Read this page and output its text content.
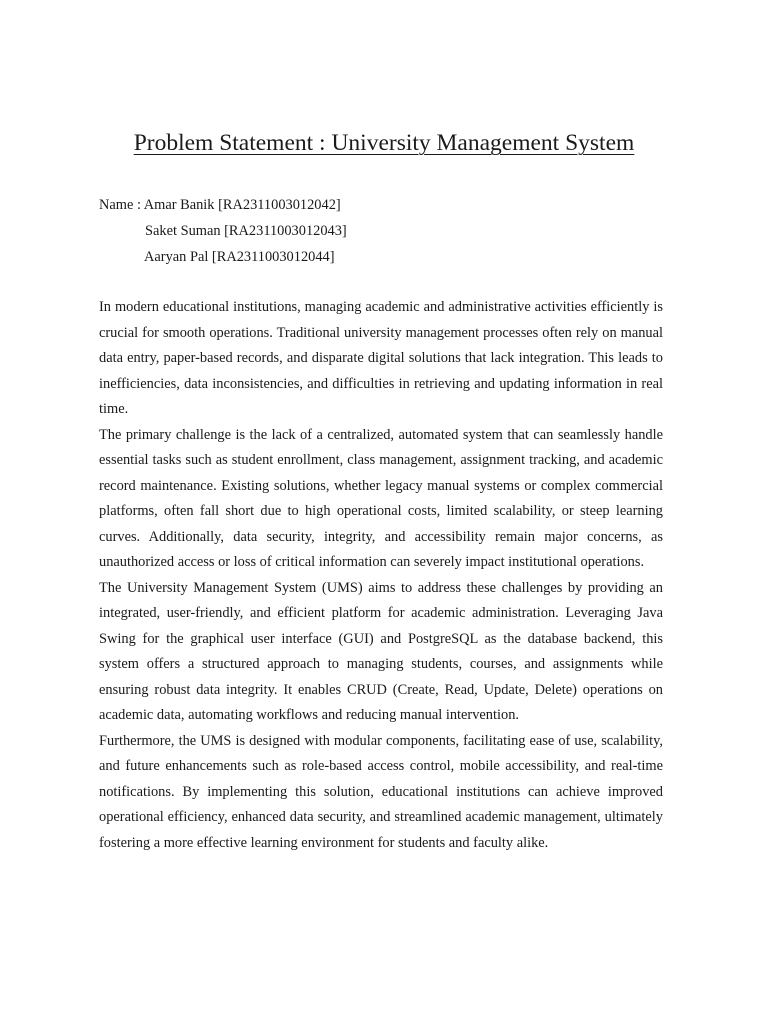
Problem Statement : University Management System
Name : Amar Banik [RA2311003012042]
Saket Suman [RA2311003012043]
Aaryan Pal [RA2311003012044]

In modern educational institutions, managing academic and administrative activities efficiently is crucial for smooth operations. Traditional university management processes often rely on manual data entry, paper-based records, and disparate digital solutions that lack integration. This leads to inefficiencies, data inconsistencies, and difficulties in retrieving and updating information in real time.

The primary challenge is the lack of a centralized, automated system that can seamlessly handle essential tasks such as student enrollment, class management, assignment tracking, and academic record maintenance. Existing solutions, whether legacy manual systems or complex commercial platforms, often fall short due to high operational costs, limited scalability, or steep learning curves. Additionally, data security, integrity, and accessibility remain major concerns, as unauthorized access or loss of critical information can severely impact institutional operations.

The University Management System (UMS) aims to address these challenges by providing an integrated, user-friendly, and efficient platform for academic administration. Leveraging Java Swing for the graphical user interface (GUI) and PostgreSQL as the database backend, this system offers a structured approach to managing students, courses, and assignments while ensuring robust data integrity. It enables CRUD (Create, Read, Update, Delete) operations on academic data, automating workflows and reducing manual intervention.

Furthermore, the UMS is designed with modular components, facilitating ease of use, scalability, and future enhancements such as role-based access control, mobile accessibility, and real-time notifications. By implementing this solution, educational institutions can achieve improved operational efficiency, enhanced data security, and streamlined academic management, ultimately fostering a more effective learning environment for students and faculty alike.
